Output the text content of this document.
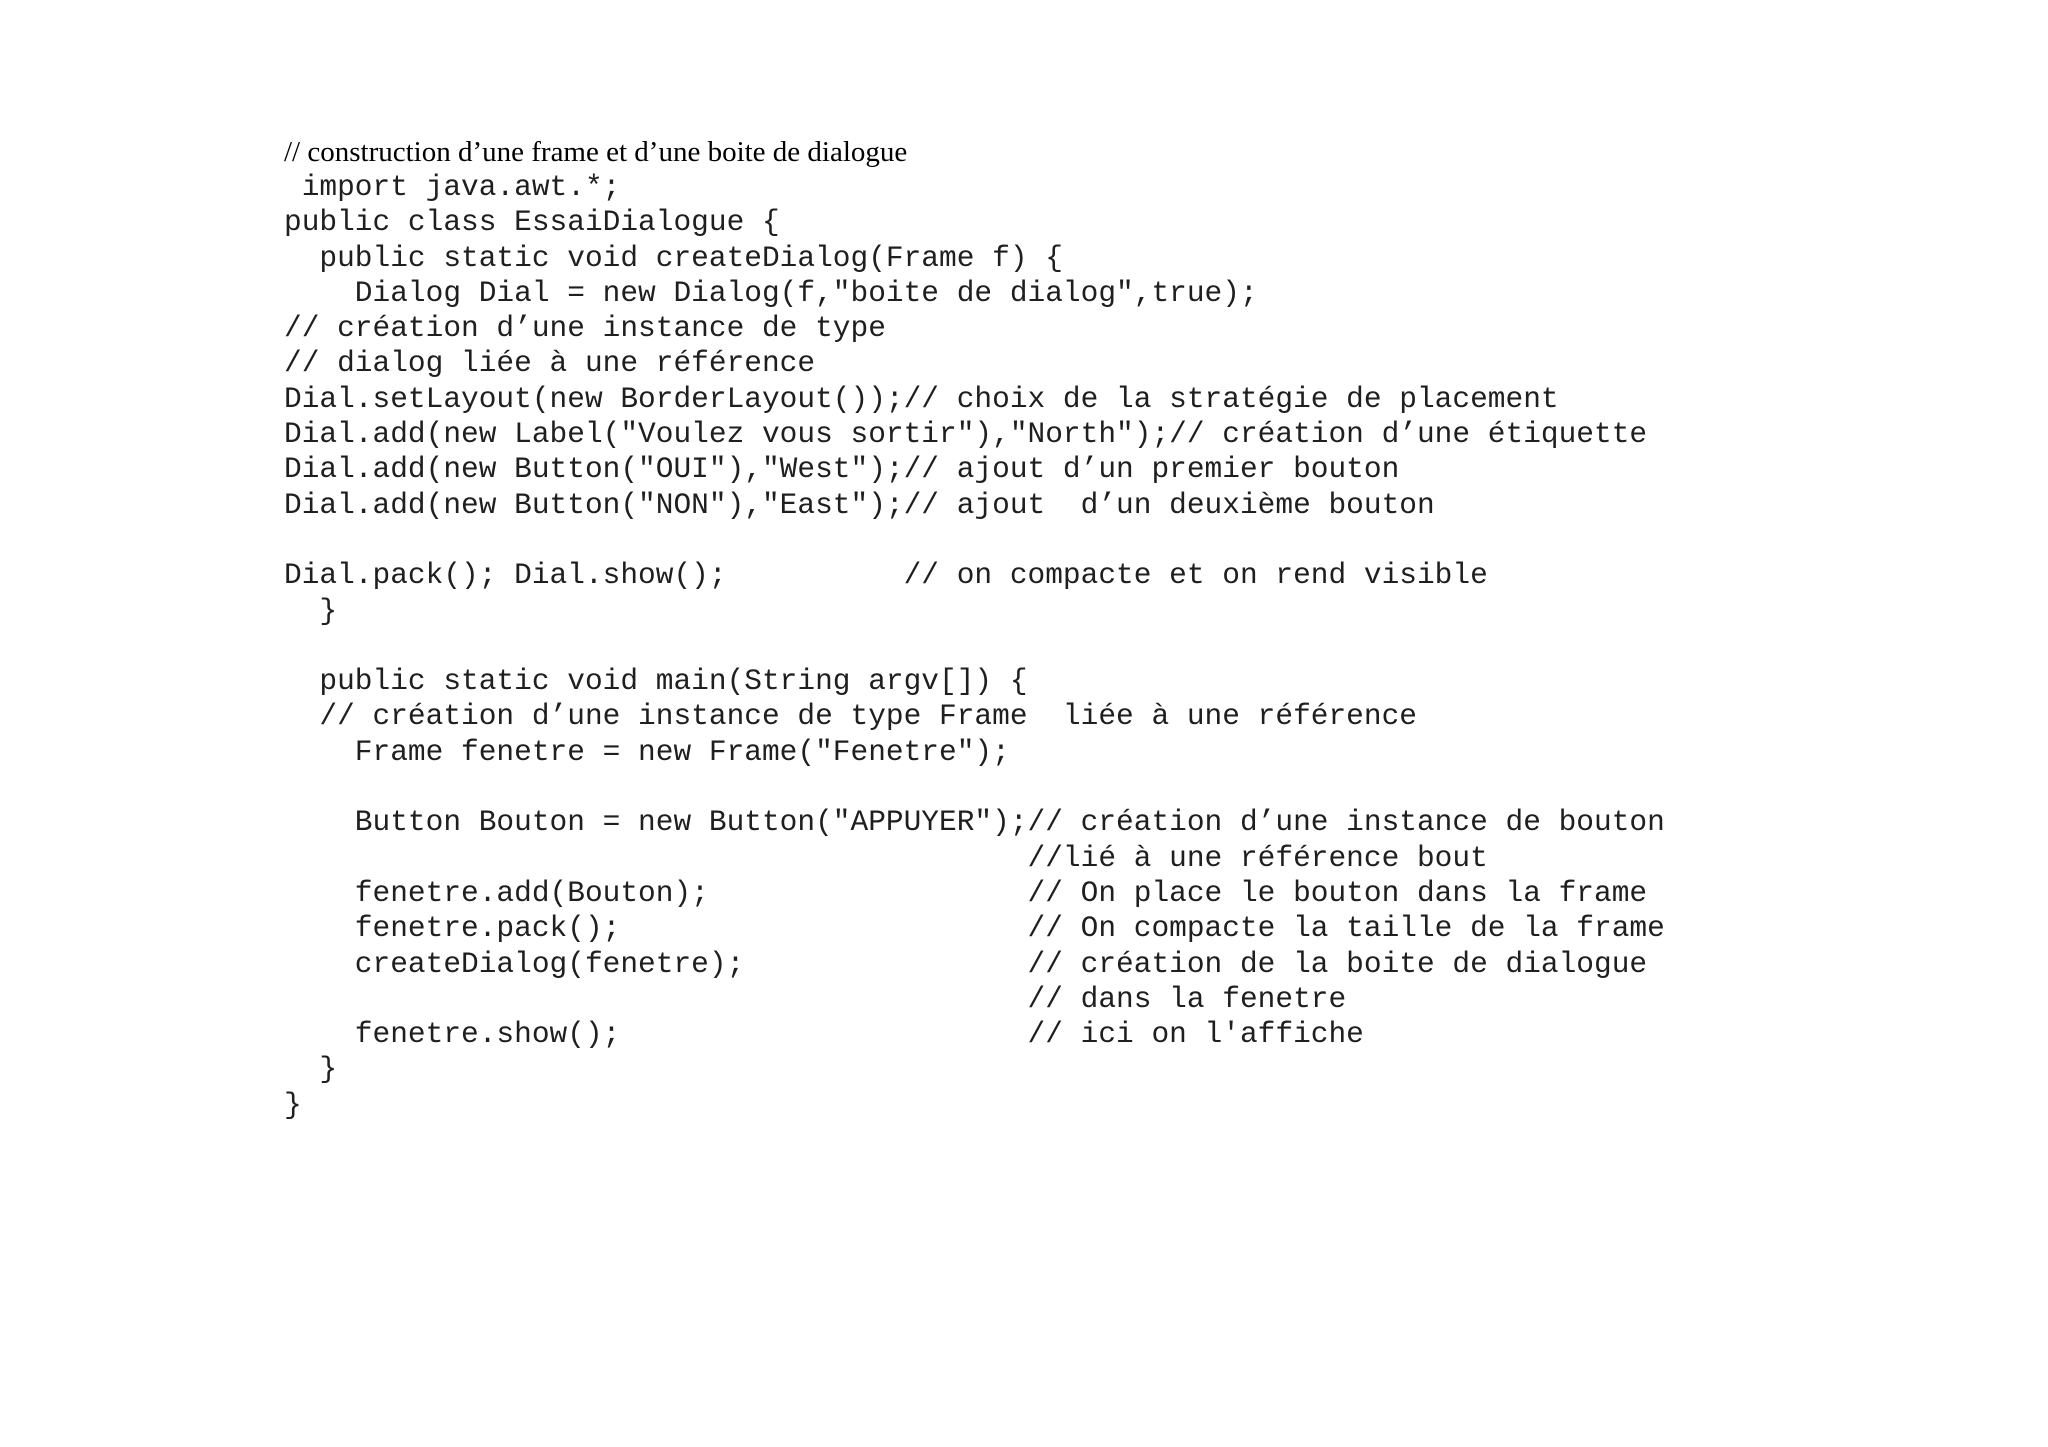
// construction d’une frame et d’une boite de dialogue
import java.awt.*;
public class EssaiDialogue {
public static void createDialog(Frame f) {
Dialog Dial = new Dialog(f,"boite de dialog",true);
// création d’une instance de type
// dialog liée à une référence
Dial.setLayout(new BorderLayout());// choix de la stratégie de placement
Dial.add(new Label("Voulez vous sortir"),"North");// création d’une étiquette
Dial.add(new Button("OUI"),"West");// ajout d’un premier bouton
Dial.add(new Button("NON"),"East");// ajout  d’un deuxième bouton
Dial.pack(); Dial.show();          // on compacte et on rend visible
}
public static void main(String argv[]) {
// création d’une instance de type Frame  liée à une référence
Frame fenetre = new Frame("Fenetre");
Button Bouton = new Button("APPUYER");// création d’une instance de bouton
//lié à une référence bout
fenetre.add(Bouton);                  // On place le bouton dans la frame
fenetre.pack();                       // On compacte la taille de la frame
createDialog(fenetre);                // création de la boite de dialogue
// dans la fenetre
fenetre.show();                       // ici on l'affiche
}
}
